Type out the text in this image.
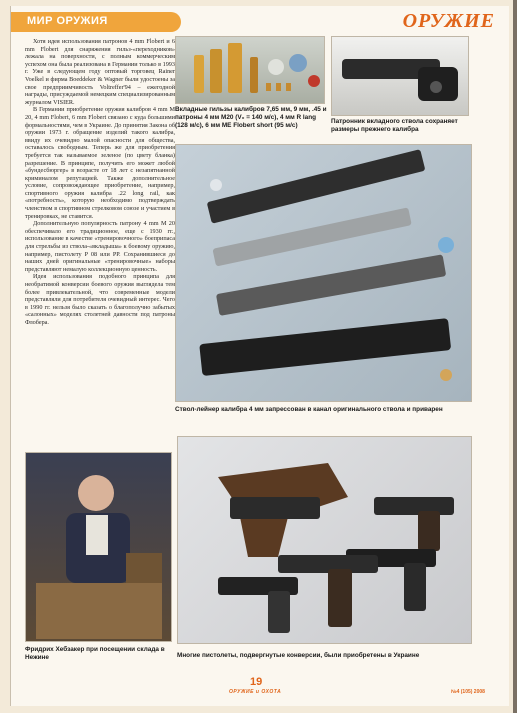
МИР ОРУЖИЯ	ОРУЖИЕ

Хотя идея использования патронов 4 mm Flobert и 6 mm Flobert для снаряжения гильз-«переходников» лежала на поверхности, с полным коммерческим успехом она была реализована в Германии только в 1993 г. Уже в следующем году оптовый торговец Rainer Voelkel и фирма Boeddeker & Wagner были удостоены за свое предприимчивость Voltreffer'94 – ежегодной награды, присуждаемой немецким специализированным журналом VISIER.

В Германии приобретение оружия калибров 4 mm M 20, 4 mm Flobert, 6 mm Flobert связано с куда большими формальностями, чем в Украине. До принятия Закона об оружии 1973 г. обращение изделий такого калибра, ввиду их очевидно малой опасности для общества, оставалось свободным. Теперь же для приобретения требуется так называемое зеленое (по цвету бланка) разрешение. В принципе, получить его может любой «бундесбюргер» в возрасте от 18 лет с незапятнанной криминалом репутацией. Также дополнительное условие, сопровождающее приобретение, например, спортивного оружия калибра .22 long rail, как «потребность», которую необходимо подтверждать членством в спортивном стрелковом союзе и участием в тренировках, не ставится.

Дополнительную популярность патрону 4 mm M 20 обеспечивало его традиционное, еще с 1930 гг., использование в качестве «тренировочного» боеприпаса для стрельбы из ствола-«вкладыша» к боевому оружию, например, пистолету P 08 или PP. Сохранившиеся до наших дней оригинальные «тренировочные» наборы представляют немалую коллекционную ценность.

Идея использования подобного принципа для необратимой конверсии боевого оружия выглядела тем более привлекательной, что современные модели представляли для потребителя очевидный интерес. Чего в 1990 гг. нельзя было сказать о благополучно забытых «салонных» моделях столетней давности под патроны Флобера.

Вкладные гильзы калибров 7,65 мм, 9 мм, .45 и патроны 4 мм M20 (V₀ = 140 м/с), 4 мм R lang (128 м/с), 6 мм ME Flobert short (95 м/с)
Патронник вкладного ствола сохраняет размеры прежнего калибра
Ствол-лейнер калибра 4 мм запрессован в канал оригинального ствола и приварен
Фридрих Хебзакер при посещении склада в Нежине	Многие пистолеты, подвергнутые конверсии, были приобретены в Украине
19
ОРУЖИЕ и ОХОТА	№4 (105) 2008
